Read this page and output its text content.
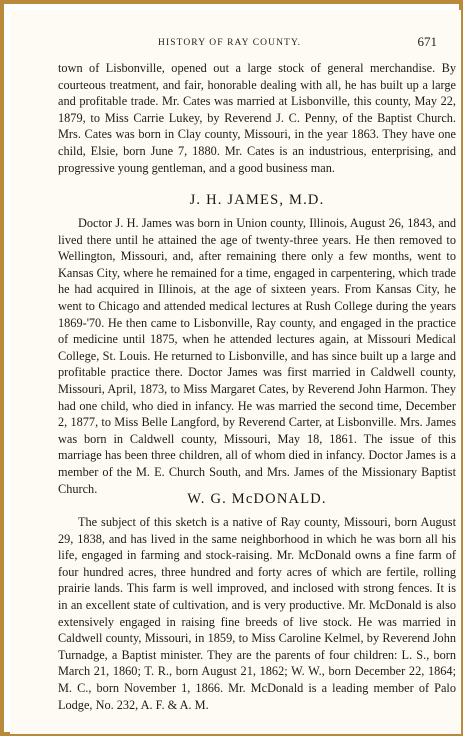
HISTORY OF RAY COUNTY.	671

town of Lisbonville, opened out a large stock of general merchandise. By courteous treatment, and fair, honorable dealing with all, he has built up a large and profitable trade. Mr. Cates was married at Lisbonville, this county, May 22, 1879, to Miss Carrie Lukey, by Reverend J. C. Penny, of the Baptist Church. Mrs. Cates was born in Clay county, Missouri, in the year 1863. They have one child, Elsie, born June 7, 1880. Mr. Cates is an industrious, enterprising, and progressive young gentleman, and a good business man.

J. H. JAMES, M.D.

Doctor J. H. James was born in Union county, Illinois, August 26, 1843, and lived there until he attained the age of twenty-three years. He then removed to Wellington, Missouri, and, after remaining there only a few months, went to Kansas City, where he remained for a time, engaged in carpentering, which trade he had acquired in Illinois, at the age of sixteen years. From Kansas City, he went to Chicago and attended medical lectures at Rush College during the years 1869-'70. He then came to Lisbonville, Ray county, and engaged in the practice of medicine until 1875, when he attended lectures again, at Missouri Medical College, St. Louis. He returned to Lisbonville, and has since built up a large and profitable practice there. Doctor James was first married in Caldwell county, Missouri, April, 1873, to Miss Margaret Cates, by Reverend John Harmon. They had one child, who died in infancy. He was married the second time, December 2, 1877, to Miss Belle Langford, by Reverend Carter, at Lisbonville. Mrs. James was born in Caldwell county, Missouri, May 18, 1861. The issue of this marriage has been three children, all of whom died in infancy. Doctor James is a member of the M. E. Church South, and Mrs. James of the Missionary Baptist Church.

W. G. McDONALD.

The subject of this sketch is a native of Ray county, Missouri, born August 29, 1838, and has lived in the same neighborhood in which he was born all his life, engaged in farming and stock-raising. Mr. McDonald owns a fine farm of four hundred acres, three hundred and forty acres of which are fertile, rolling prairie lands. This farm is well improved, and inclosed with strong fences. It is in an excellent state of cultivation, and is very productive. Mr. McDonald is also extensively engaged in raising fine breeds of live stock. He was married in Caldwell county, Missouri, in 1859, to Miss Caroline Kelmel, by Reverend John Turnadge, a Baptist minister. They are the parents of four children: L. S., born March 21, 1860; T. R., born August 21, 1862; W. W., born December 22, 1864; M. C., born November 1, 1866. Mr. McDonald is a leading member of Palo Lodge, No. 232, A. F. & A. M.
